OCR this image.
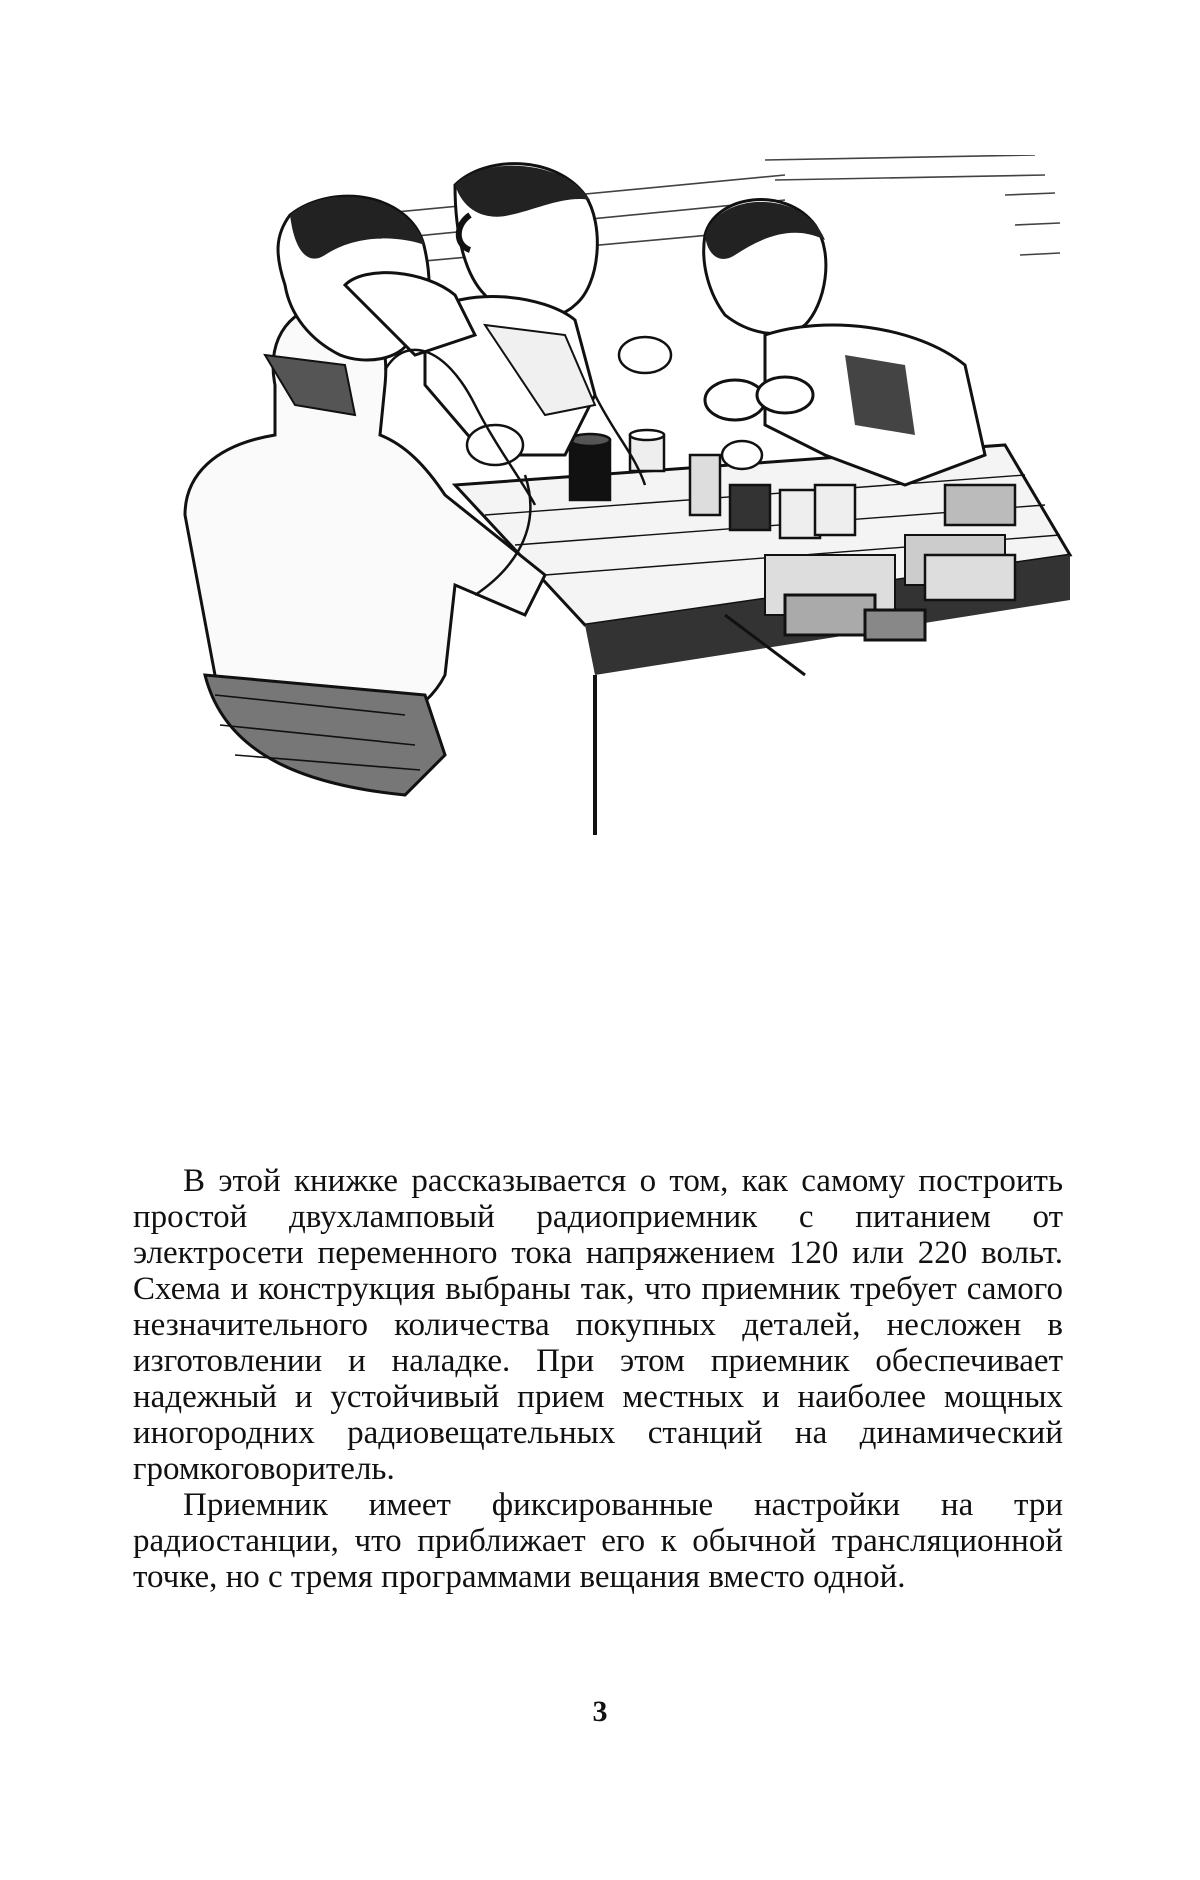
В этой книжке рассказывается о том, как самому построить простой двухламповый радиоприемник с питанием от электросети переменного тока напряжением 120 или 220 вольт. Схема и конструкция выбраны так, что приемник требует самого незначительного количества покупных деталей, несложен в изготовлении и наладке. При этом приемник обеспечивает надежный и устойчивый прием местных и наиболее мощных иногородних радиовещательных станций на динамический громкоговоритель.

Приемник имеет фиксированные настройки на три радиостанции, что приближает его к обычной трансляционной точке, но с тремя программами вещания вместо одной.

3
